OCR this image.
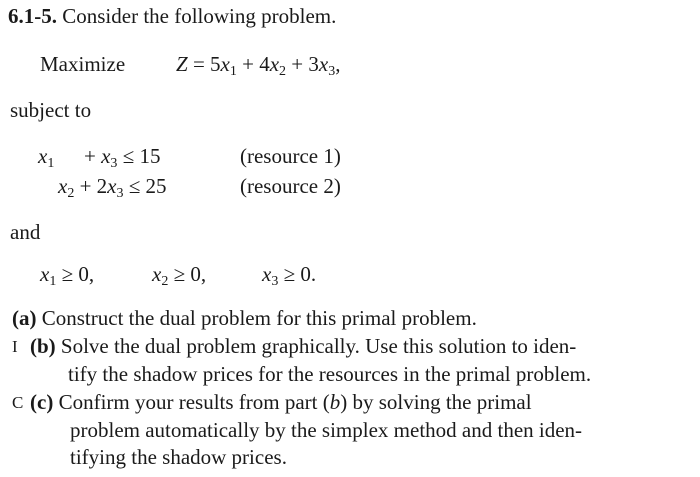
6.1-5. Consider the following problem.
Maximize $Z = 5x_1 + 4x_2 + 3x_3$,
subject to
$x_1 + x_3 \le 15$	(resource 1)
$x_2 + 2x_3 \le 25$	(resource 2)
and
$x_1 \ge 0$,	$x_2 \ge 0$,	$x_3 \ge 0$.
(a) Construct the dual problem for this primal problem.
I (b) Solve the dual problem graphically. Use this solution to iden-
tify the shadow prices for the resources in the primal problem.
C (c) Confirm your results from part (b) by solving the primal
problem automatically by the simplex method and then iden-
tifying the shadow prices.
